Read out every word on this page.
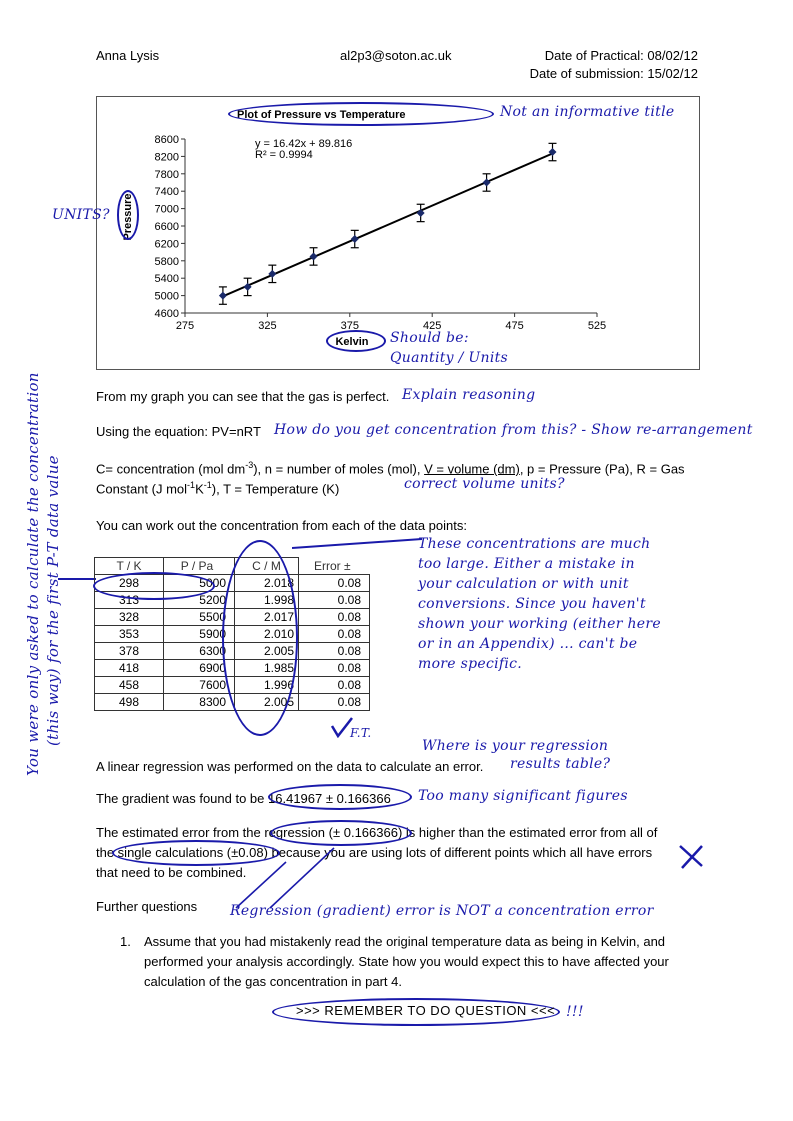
Anna Lysis	al2p3@soton.ac.uk	Date of Practical: 08/02/12
Date of submission: 15/02/12
Plot of Pressure vs Temperature
y = 16.42x + 89.816
R² = 0.9994
Pressure
Kelvin
275	325	375	425	475	525
4600
5000
5400
5800
6200
6600
7000
7400
7800
8200
8600
Not an informative title
UNITS?
Should be:
Quantity / Units
From my graph you can see that the gas is perfect. Explain reasoning
Using the equation: PV=nRT How do you get concentration from this? - Show re-arrangement
C= concentration (mol $dm^{-3}$), n = number of moles (mol), V = volume (dm), p = Pressure (Pa), R = Gas
Constant (J $mol^{-1}K^{-1}$), T = Temperature (K)	correct volume units?
You can work out the concentration from each of the data points:
You were only asked to calculate the concentration (this way) for the first P-T data value	T / K	P / Pa	C / M	Error ±
298	5000	2.018	0.08
313	5200	1.998	0.08
328	5500	2.017	0.08
353	5900	2.010	0.08
378	6300	2.005	0.08
418	6900	1.985	0.08
458	7600	1.996	0.08
498	8300	2.005	0.08
These concentrations are much
too large. Either a mistake in
your calculation or with unit
conversions. Since you haven't
shown your working (either here
or in an Appendix) ... can't be
more specific.
F.T.
Where is your regression
results table?
A linear regression was performed on the data to calculate an error.
The gradient was found to be 16.41967 ± 0.166366 Too many significant figures
The estimated error from the regression (± 0.166366) is higher than the estimated error from all of
the single calculations (±0.08) because you are using lots of different points which all have errors
that need to be combined.
Further questions Regression (gradient) error is NOT a concentration error
1. Assume that you had mistakenly read the original temperature data as being in Kelvin, and performed your analysis accordingly. State how you would expect this to have affected your calculation of the gas concentration in part 4.
>>> REMEMBER TO DO QUESTION <<< !!!
